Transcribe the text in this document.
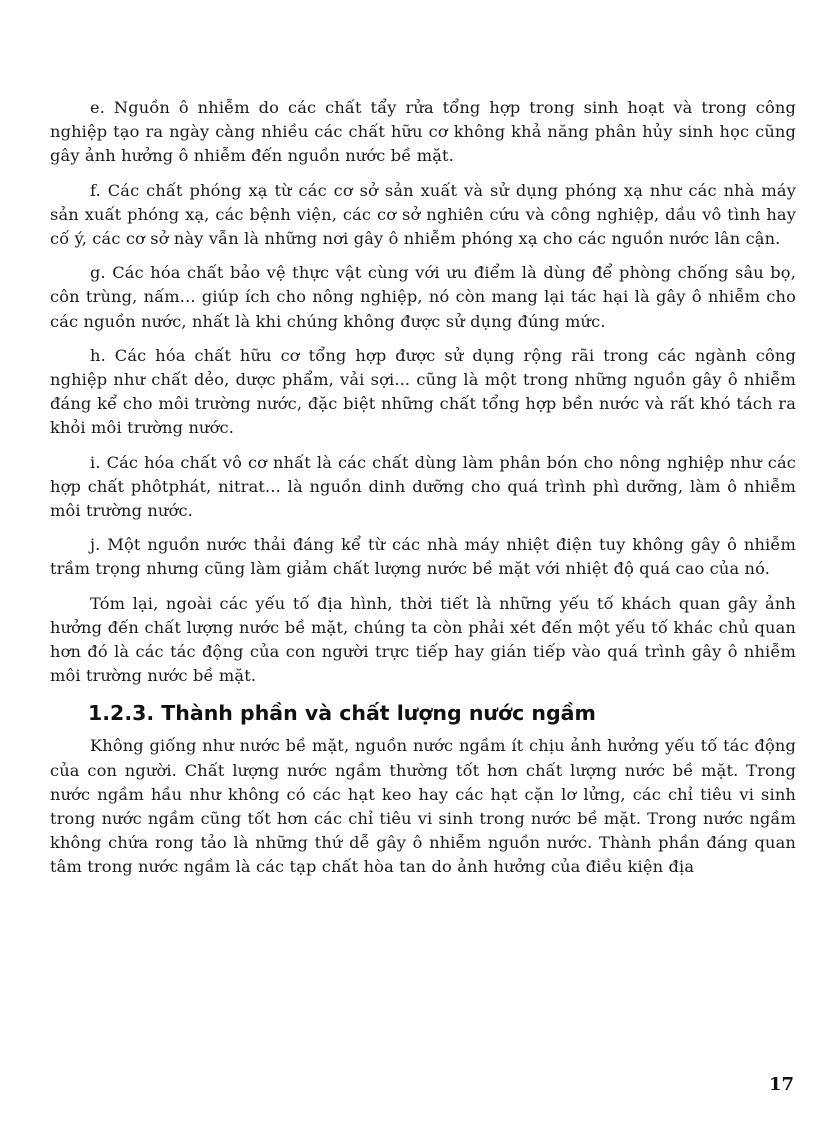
e. Nguồn ô nhiễm do các chất tẩy rửa tổng hợp trong sinh hoạt và trong công nghiệp tạo ra ngày càng nhiều các chất hữu cơ không khả năng phân hủy sinh học cũng gây ảnh hưởng ô nhiễm đến nguồn nước bề mặt.

f. Các chất phóng xạ từ các cơ sở sản xuất và sử dụng phóng xạ như các nhà máy sản xuất phóng xạ, các bệnh viện, các cơ sở nghiên cứu và công nghiệp, dầu vô tình hay cố ý, các cơ sở này vẫn là những nơi gây ô nhiễm phóng xạ cho các nguồn nước lân cận.

g. Các hóa chất bảo vệ thực vật cùng với ưu điểm là dùng để phòng chống sâu bọ, côn trùng, nấm... giúp ích cho nông nghiệp, nó còn mang lại tác hại là gây ô nhiễm cho các nguồn nước, nhất là khi chúng không được sử dụng đúng mức.

h. Các hóa chất hữu cơ tổng hợp được sử dụng rộng rãi trong các ngành công nghiệp như chất dẻo, dược phẩm, vải sợi... cũng là một trong những nguồn gây ô nhiễm đáng kể cho môi trường nước, đặc biệt những chất tổng hợp bền nước và rất khó tách ra khỏi môi trường nước.

i. Các hóa chất vô cơ nhất là các chất dùng làm phân bón cho nông nghiệp như các hợp chất phôtphát, nitrat... là nguồn dinh dưỡng cho quá trình phì dưỡng, làm ô nhiễm môi trường nước.

j. Một nguồn nước thải đáng kể từ các nhà máy nhiệt điện tuy không gây ô nhiễm trầm trọng nhưng cũng làm giảm chất lượng nước bề mặt với nhiệt độ quá cao của nó.

Tóm lại, ngoài các yếu tố địa hình, thời tiết là những yếu tố khách quan gây ảnh hưởng đến chất lượng nước bề mặt, chúng ta còn phải xét đến một yếu tố khác chủ quan hơn đó là các tác động của con người trực tiếp hay gián tiếp vào quá trình gây ô nhiễm môi trường nước bề mặt.

1.2.3. Thành phần và chất lượng nước ngầm

Không giống như nước bề mặt, nguồn nước ngầm ít chịu ảnh hưởng yếu tố tác động của con người. Chất lượng nước ngầm thường tốt hơn chất lượng nước bề mặt. Trong nước ngầm hầu như không có các hạt keo hay các hạt cặn lơ lửng, các chỉ tiêu vi sinh trong nước ngầm cũng tốt hơn các chỉ tiêu vi sinh trong nước bề mặt. Trong nước ngầm không chứa rong tảo là những thứ dễ gây ô nhiễm nguồn nước. Thành phần đáng quan tâm trong nước ngầm là các tạp chất hòa tan do ảnh hưởng của điều kiện địa

17
